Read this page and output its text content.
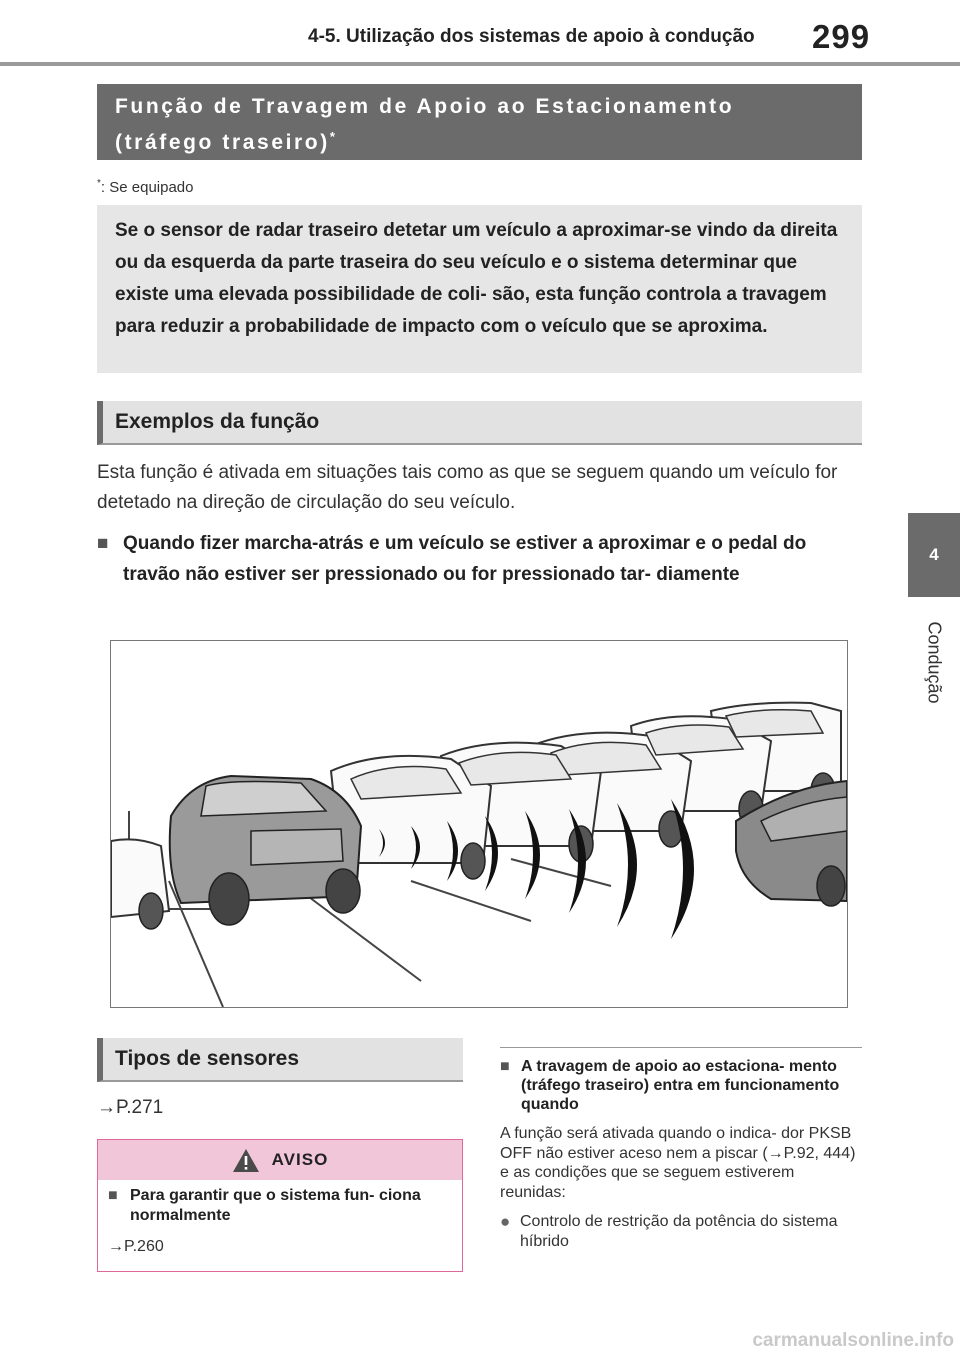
4-5. Utilização dos sistemas de apoio à condução 299
4
Condução
Função de Travagem de Apoio ao Estacionamento
(tráfego traseiro)*
*: Se equipado
Se o sensor de radar traseiro detetar um veículo a aproximar-se vindo da direita ou da esquerda da parte traseira do seu veículo e o sistema determinar que existe uma elevada possibilidade de coli- são, esta função controla a travagem para reduzir a probabilidade de impacto com o veículo que se aproxima.
Exemplos da função
Esta função é ativada em situações tais como as que se seguem quando um veículo for detetado na direção de circulação do seu veículo.
■ Quando fizer marcha-atrás e um veículo se estiver a aproximar e o pedal do travão não estiver ser pressionado ou for pressionado tar- diamente
Tipos de sensores
→P.271
AVISO
■ Para garantir que o sistema fun- ciona normalmente
→P.260
■ A travagem de apoio ao estaciona- mento (tráfego traseiro) entra em funcionamento quando
A função será ativada quando o indica- dor PKSB OFF não estiver aceso nem a piscar (→P.92, 444) e as condições que se seguem estiverem reunidas:
● Controlo de restrição da potência do sistema híbrido
carmanualsonline.info
